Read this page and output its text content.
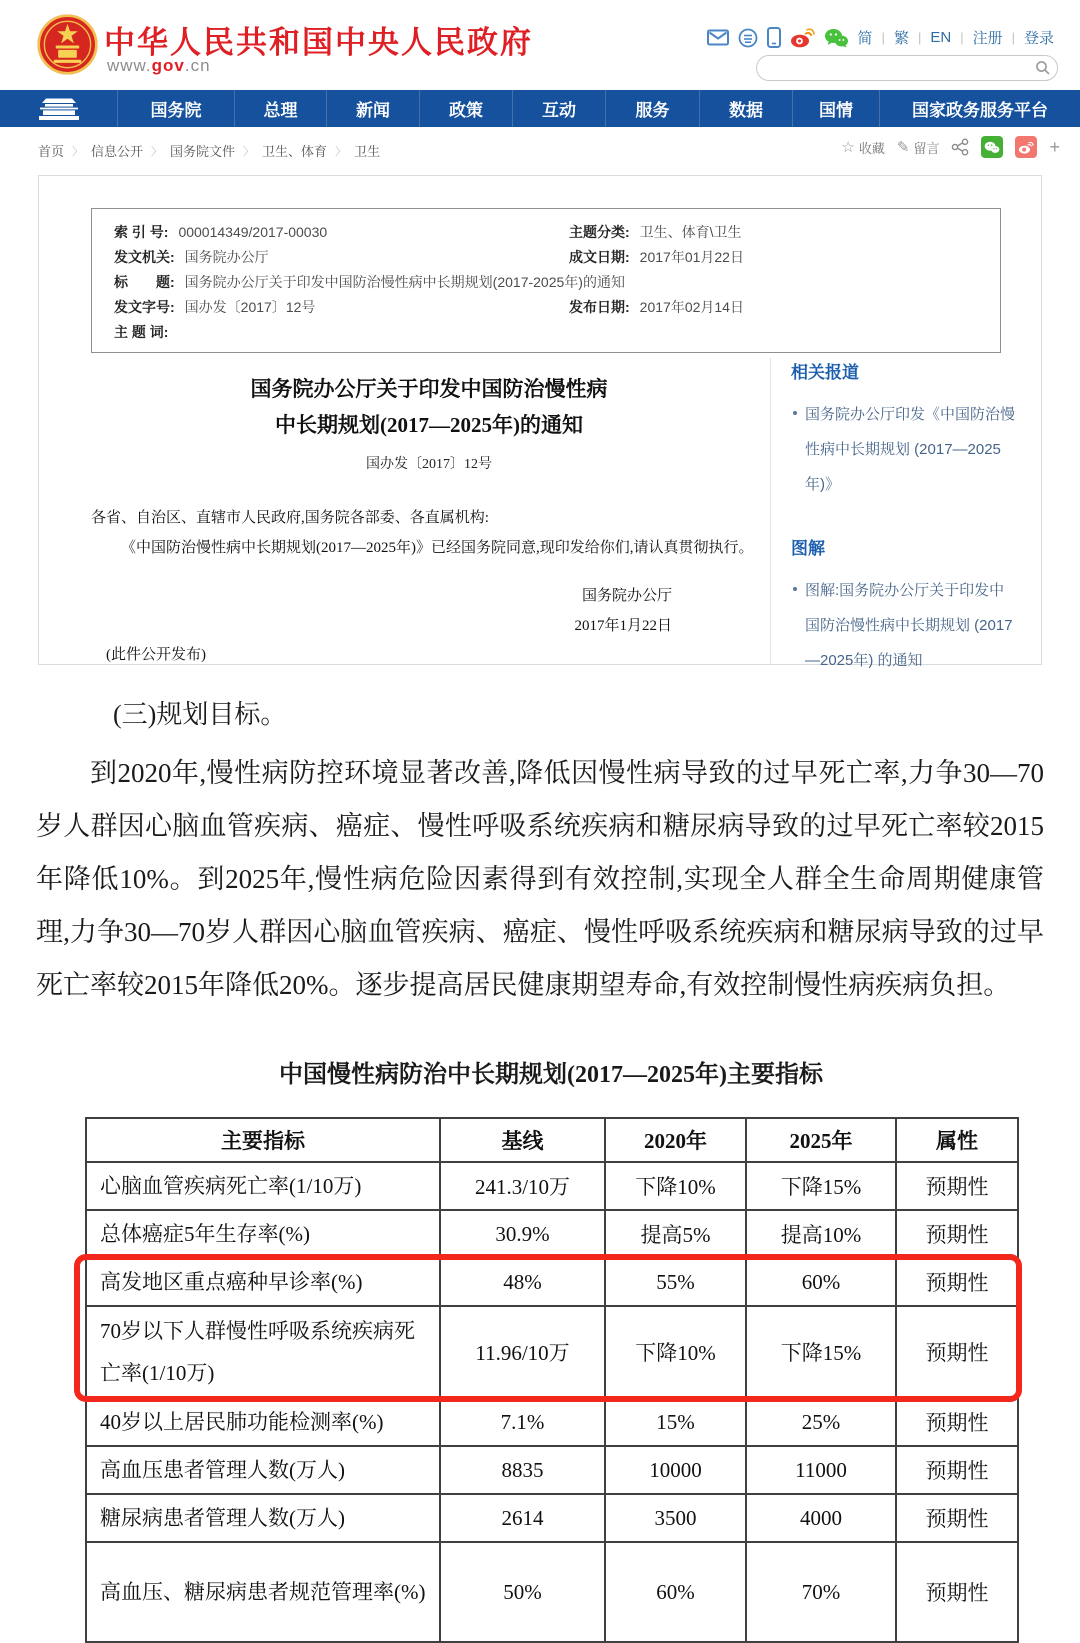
中华人民共和国中央人民政府
www.gov.cn
简 | 繁 | EN | 注册 | 登录
国务院	总理	新闻	政策	互动	服务	数据	国情	国家政务服务平台
首页 〉 信息公开 〉 国务院文件 〉 卫生、体育 〉 卫生	☆ 收藏 ✎ 留言	+
索 引 号: 000014349/2017-00030	主题分类: 卫生、体育\卫生
发文机关: 国务院办公厅	成文日期: 2017年01月22日
标　　题: 国务院办公厅关于印发中国防治慢性病中长期规划(2017-2025年)的通知
发文字号: 国办发〔2017〕12号	发布日期: 2017年02月14日
主 题 词:
国务院办公厅关于印发中国防治慢性病
中长期规划(2017—2025年)的通知
国办发〔2017〕12号

各省、自治区、直辖市人民政府,国务院各部委、各直属机构:

《中国防治慢性病中长期规划(2017—2025年)》已经国务院同意,现印发给你们,请认真贯彻执行。

国务院办公厅
2017年1月22日
(此件公开发布)
相关报道
国务院办公厅印发《中国防治慢性病中长期规划 (2017—2025年)》
图解
图解:国务院办公厅关于印发中国防治慢性病中长期规划 (2017—2025年) 的通知
(三)规划目标。
到2020年,慢性病防控环境显著改善,降低因慢性病导致的过早死亡率,力争30—70岁人群因心脑血管疾病、癌症、慢性呼吸系统疾病和糖尿病导致的过早死亡率较2015年降低10%。到2025年,慢性病危险因素得到有效控制,实现全人群全生命周期健康管理,力争30—70岁人群因心脑血管疾病、癌症、慢性呼吸系统疾病和糖尿病导致的过早死亡率较2015年降低20%。逐步提高居民健康期望寿命,有效控制慢性病疾病负担。
中国慢性病防治中长期规划(2017—2025年)主要指标
主要指标	基线	2020年	2025年	属性
心脑血管疾病死亡率(1/10万)	241.3/10万	下降10%	下降15%	预期性
总体癌症5年生存率(%)	30.9%	提高5%	提高10%	预期性
高发地区重点癌种早诊率(%)	48%	55%	60%	预期性
70岁以下人群慢性呼吸系统疾病死亡率(1/10万)	11.96/10万	下降10%	下降15%	预期性
40岁以上居民肺功能检测率(%)	7.1%	15%	25%	预期性
高血压患者管理人数(万人)	8835	10000	11000	预期性
糖尿病患者管理人数(万人)	2614	3500	4000	预期性
高血压、糖尿病患者规范管理率(%)	50%	60%	70%	预期性
